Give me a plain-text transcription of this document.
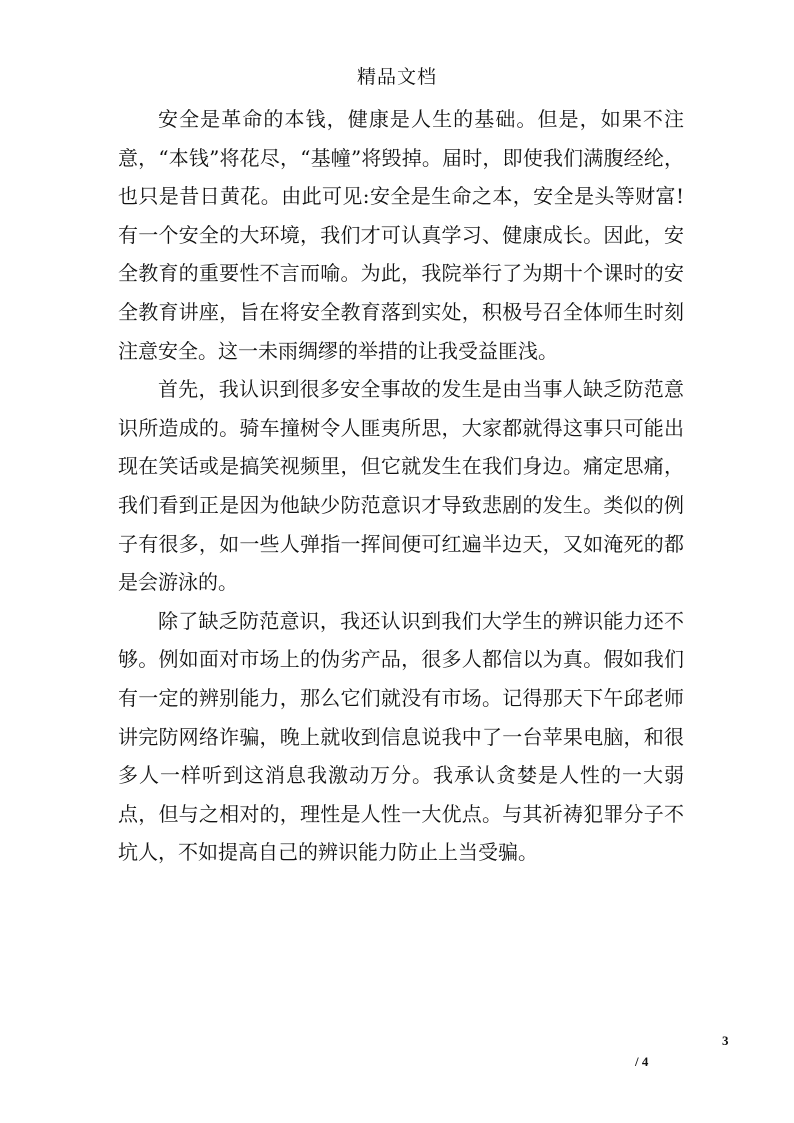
精品文档

安全是革命的本钱，健康是人生的基础。但是，如果不注意，“本钱”将花尽，“基幢”将毁掉。届时，即使我们满腹经纶，也只是昔日黄花。由此可见:安全是生命之本，安全是头等财富!有一个安全的大环境，我们才可认真学习、健康成长。因此，安全教育的重要性不言而喻。为此，我院举行了为期十个课时的安全教育讲座，旨在将安全教育落到实处，积极号召全体师生时刻注意安全。这一未雨绸缪的举措的让我受益匪浅。

首先，我认识到很多安全事故的发生是由当事人缺乏防范意识所造成的。骑车撞树令人匪夷所思，大家都就得这事只可能出现在笑话或是搞笑视频里，但它就发生在我们身边。痛定思痛，我们看到正是因为他缺少防范意识才导致悲剧的发生。类似的例子有很多，如一些人弹指一挥间便可红遍半边天，又如淹死的都是会游泳的。

除了缺乏防范意识，我还认识到我们大学生的辨识能力还不够。例如面对市场上的伪劣产品，很多人都信以为真。假如我们有一定的辨别能力，那么它们就没有市场。记得那天下午邱老师讲完防网络诈骗，晚上就收到信息说我中了一台苹果电脑，和很多人一样听到这消息我激动万分。我承认贪婪是人性的一大弱点，但与之相对的，理性是人性一大优点。与其祈祷犯罪分子不坑人，不如提高自己的辨识能力防止上当受骗。

3
/ 4
